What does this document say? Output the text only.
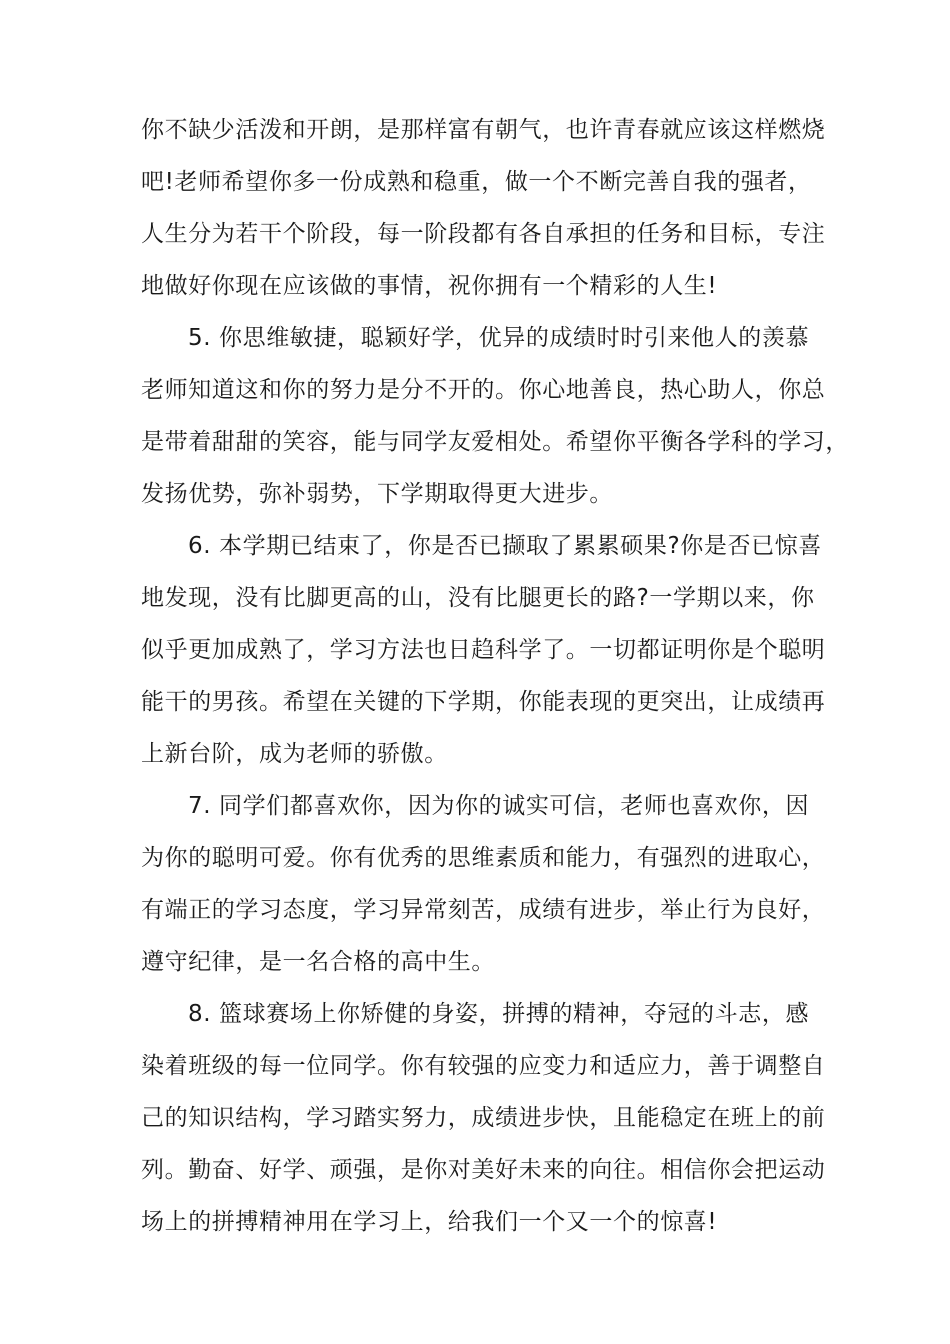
你不缺少活泼和开朗，是那样富有朝气，也许青春就应该这样燃烧
吧!老师希望你多一份成熟和稳重，做一个不断完善自我的强者，
人生分为若干个阶段，每一阶段都有各自承担的任务和目标，专注
地做好你现在应该做的事情，祝你拥有一个精彩的人生!
5. 你思维敏捷，聪颖好学，优异的成绩时时引来他人的羡慕
老师知道这和你的努力是分不开的。你心地善良，热心助人，你总
是带着甜甜的笑容，能与同学友爱相处。希望你平衡各学科的学习，
发扬优势，弥补弱势，下学期取得更大进步。
6. 本学期已结束了，你是否已撷取了累累硕果?你是否已惊喜
地发现，没有比脚更高的山，没有比腿更长的路?一学期以来，你
似乎更加成熟了，学习方法也日趋科学了。一切都证明你是个聪明
能干的男孩。希望在关键的下学期，你能表现的更突出，让成绩再
上新台阶，成为老师的骄傲。
7. 同学们都喜欢你，因为你的诚实可信，老师也喜欢你，因
为你的聪明可爱。你有优秀的思维素质和能力，有强烈的进取心，
有端正的学习态度，学习异常刻苦，成绩有进步，举止行为良好，
遵守纪律，是一名合格的高中生。
8. 篮球赛场上你矫健的身姿，拼搏的精神，夺冠的斗志，感
染着班级的每一位同学。你有较强的应变力和适应力，善于调整自
己的知识结构，学习踏实努力，成绩进步快，且能稳定在班上的前
列。勤奋、好学、顽强，是你对美好未来的向往。相信你会把运动
场上的拼搏精神用在学习上，给我们一个又一个的惊喜!
